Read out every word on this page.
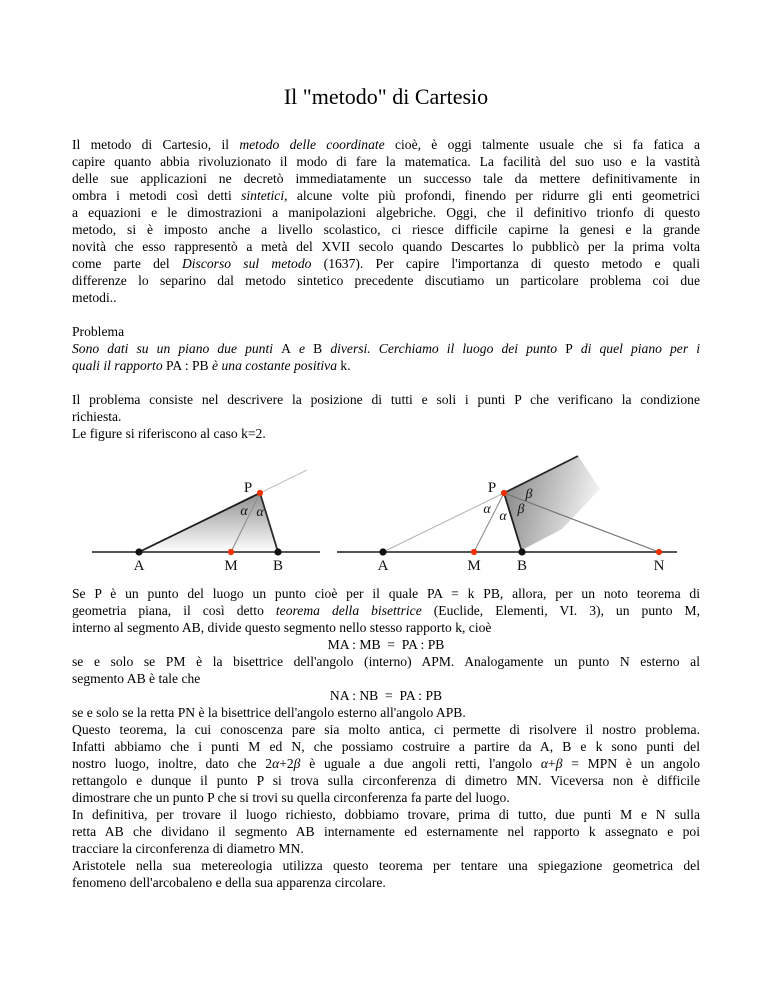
Il "metodo" di Cartesio
Il metodo di Cartesio, il metodo delle coordinate cioè, è oggi talmente usuale che si fa fatica a
capire quanto abbia rivoluzionato il modo di fare la matematica. La facilità del suo uso e la vastità
delle sue applicazioni ne decretò immediatamente un successo tale da mettere definitivamente in
ombra i metodi così detti sintetici, alcune volte più profondi, finendo per ridurre gli enti geometrici
a equazioni e le dimostrazioni a manipolazioni algebriche. Oggi, che il definitivo trionfo di questo
metodo, si è imposto anche a livello scolastico, ci riesce difficile capirne la genesi e la grande
novità che esso rappresentò a metà del XVII secolo quando Descartes lo pubblicò per la prima volta
come parte del Discorso sul metodo (1637). Per capire l'importanza di questo metodo e quali
differenze lo separino dal metodo sintetico precedente discutiamo un particolare problema coi due
metodi..
Problema
Sono dati su un piano due punti A e B diversi. Cerchiamo il luogo dei punto P di quel piano per i
quali il rapporto PA : PB è una costante positiva k.
Il problema consiste nel descrivere la posizione di tutti e soli i punti P che verificano la condizione
richiesta.
Le figure si riferiscono al caso k=2.
P
A	M B
α α
P
A	M B	N
α α
β
β
Se P è un punto del luogo un punto cioè per il quale PA = k PB, allora, per un noto teorema di
geometria piana, il così detto teorema della bisettrice (Euclide, Elementi, VI. 3), un punto M,
interno al segmento AB, divide questo segmento nello stesso rapporto k, cioè
MA : MB  =  PA : PB
se e solo se PM è la bisettrice dell'angolo (interno) APM. Analogamente un punto N esterno al
segmento AB è tale che
NA : NB  =  PA : PB
se e solo se la retta PN è la bisettrice dell'angolo esterno all'angolo APB.
Questo teorema, la cui conoscenza pare sia molto antica, ci permette di risolvere il nostro problema.
Infatti abbiamo che i punti M ed N, che possiamo costruire a partire da A, B e k sono punti del
nostro luogo, inoltre, dato che 2α+2β è uguale a due angoli retti, l'angolo α+β = MPN è un angolo
rettangolo e dunque il punto P si trova sulla circonferenza di dimetro MN. Viceversa non è difficile
dimostrare che un punto P che si trovi su quella circonferenza fa parte del luogo.
In definitiva, per trovare il luogo richiesto, dobbiamo trovare, prima di tutto, due punti M e N sulla
retta AB che dividano il segmento AB internamente ed esternamente nel rapporto k assegnato e poi
tracciare la circonferenza di diametro MN.
Aristotele nella sua metereologia utilizza questo teorema per tentare una spiegazione geometrica del
fenomeno dell'arcobaleno e della sua apparenza circolare.
